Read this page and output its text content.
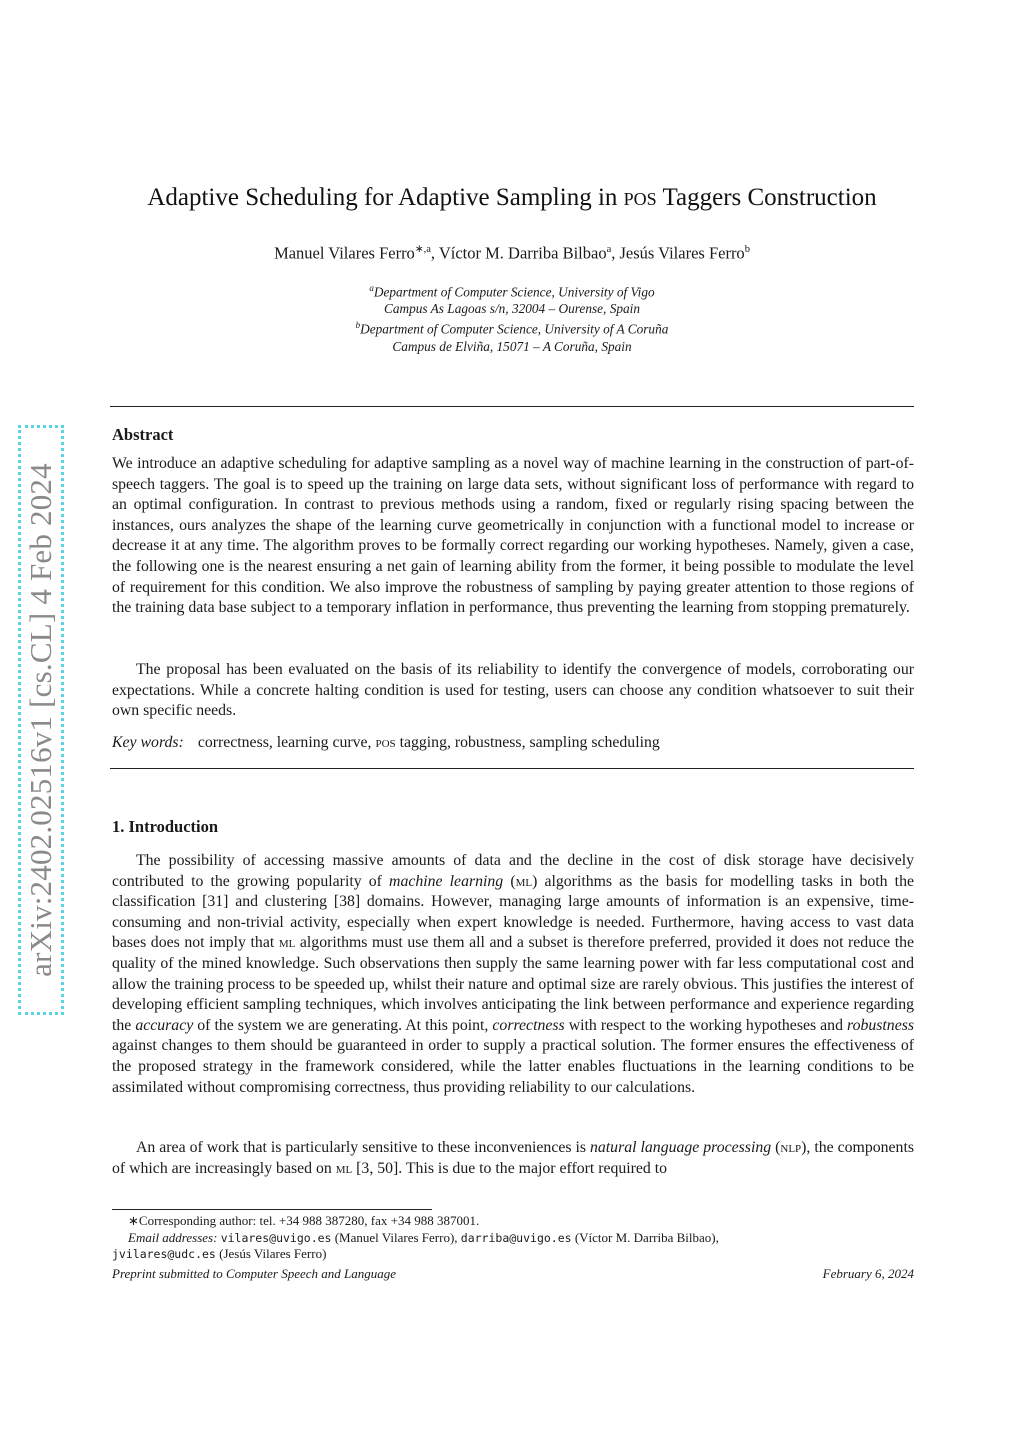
arXiv:2402.02516v1 [cs.CL] 4 Feb 2024
Adaptive Scheduling for Adaptive Sampling in pos Taggers Construction
Manuel Vilares Ferro$^{∗,a}$, Víctor M. Darriba Bilbao$^a$, Jesús Vilares Ferro$^b$
$^a$Department of Computer Science, University of Vigo
Campus As Lagoas s/n, 32004 – Ourense, Spain
$^b$Department of Computer Science, University of A Coruña
Campus de Elviña, 15071 – A Coruña, Spain
Abstract

We introduce an adaptive scheduling for adaptive sampling as a novel way of machine learning in the construction of part-of-speech taggers. The goal is to speed up the training on large data sets, without significant loss of performance with regard to an optimal configuration. In contrast to previous methods using a random, fixed or regularly rising spacing between the instances, ours analyzes the shape of the learning curve geometrically in conjunction with a functional model to increase or decrease it at any time. The algorithm proves to be formally correct regarding our working hypotheses. Namely, given a case, the following one is the nearest ensuring a net gain of learning ability from the former, it being possible to modulate the level of requirement for this condition. We also improve the robustness of sampling by paying greater attention to those regions of the training data base subject to a temporary inflation in performance, thus preventing the learning from stopping prematurely.

The proposal has been evaluated on the basis of its reliability to identify the convergence of models, corroborating our expectations. While a concrete halting condition is used for testing, users can choose any condition whatsoever to suit their own specific needs.

Key words: correctness, learning curve, pos tagging, robustness, sampling scheduling
1. Introduction

The possibility of accessing massive amounts of data and the decline in the cost of disk storage have decisively contributed to the growing popularity of machine learning (ml) algorithms as the basis for modelling tasks in both the classification [31] and clustering [38] domains. However, managing large amounts of information is an expensive, time-consuming and non-trivial activity, especially when expert knowledge is needed. Furthermore, having access to vast data bases does not imply that ml algorithms must use them all and a subset is therefore preferred, provided it does not reduce the quality of the mined knowledge. Such observations then supply the same learning power with far less computational cost and allow the training process to be speeded up, whilst their nature and optimal size are rarely obvious. This justifies the interest of developing efficient sampling techniques, which involves anticipating the link between performance and experience regarding the accuracy of the system we are generating. At this point, correctness with respect to the working hypotheses and robustness against changes to them should be guaranteed in order to supply a practical solution. The former ensures the effectiveness of the proposed strategy in the framework considered, while the latter enables fluctuations in the learning conditions to be assimilated without compromising correctness, thus providing reliability to our calculations.

An area of work that is particularly sensitive to these inconveniences is natural language processing (nlp), the components of which are increasingly based on ml [3, 50]. This is due to the major effort required to

∗Corresponding author: tel. +34 988 387280, fax +34 988 387001.
Email addresses: vilares@uvigo.es (Manuel Vilares Ferro), darriba@uvigo.es (Víctor M. Darriba Bilbao),
jvilares@udc.es (Jesús Vilares Ferro)
Preprint submitted to Computer Speech and Language	February 6, 2024
